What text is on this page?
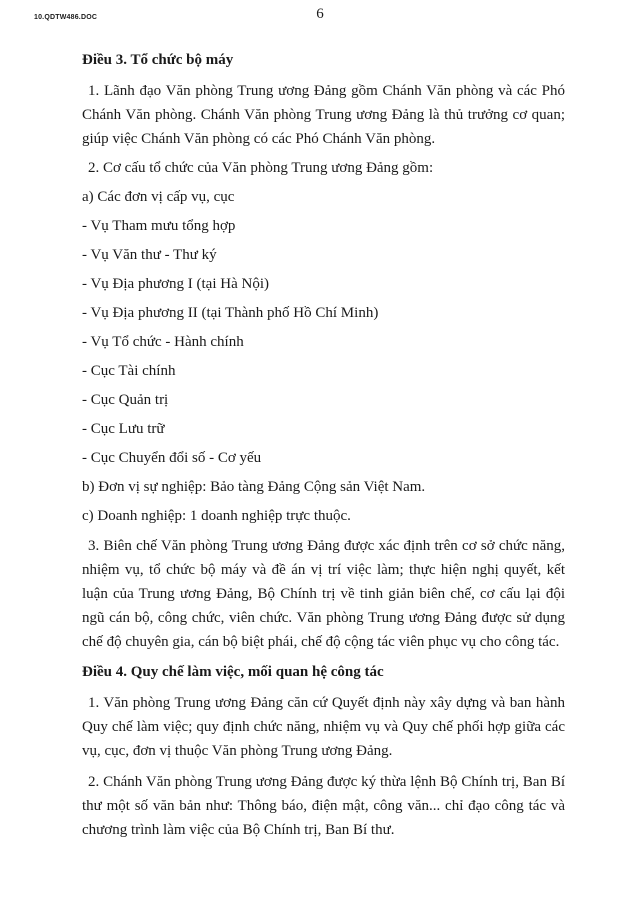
10.QDTW486.DOC	6

Điều 3. Tổ chức bộ máy

1. Lãnh đạo Văn phòng Trung ương Đảng gồm Chánh Văn phòng và các Phó Chánh Văn phòng. Chánh Văn phòng Trung ương Đảng là thủ trưởng cơ quan; giúp việc Chánh Văn phòng có các Phó Chánh Văn phòng.

2. Cơ cấu tổ chức của Văn phòng Trung ương Đảng gồm:

a) Các đơn vị cấp vụ, cục

- Vụ Tham mưu tổng hợp

- Vụ Văn thư - Thư ký

- Vụ Địa phương I (tại Hà Nội)

- Vụ Địa phương II (tại Thành phố Hồ Chí Minh)

- Vụ Tổ chức - Hành chính

- Cục Tài chính

- Cục Quản trị

- Cục Lưu trữ

- Cục Chuyển đổi số - Cơ yếu

b) Đơn vị sự nghiệp: Bảo tàng Đảng Cộng sản Việt Nam.

c) Doanh nghiệp: 1 doanh nghiệp trực thuộc.

3. Biên chế Văn phòng Trung ương Đảng được xác định trên cơ sở chức năng, nhiệm vụ, tổ chức bộ máy và đề án vị trí việc làm; thực hiện nghị quyết, kết luận của Trung ương Đảng, Bộ Chính trị về tinh giản biên chế, cơ cấu lại đội ngũ cán bộ, công chức, viên chức. Văn phòng Trung ương Đảng được sử dụng chế độ chuyên gia, cán bộ biệt phái, chế độ cộng tác viên phục vụ cho công tác.

Điều 4. Quy chế làm việc, mối quan hệ công tác

1. Văn phòng Trung ương Đảng căn cứ Quyết định này xây dựng và ban hành Quy chế làm việc; quy định chức năng, nhiệm vụ và Quy chế phối hợp giữa các vụ, cục, đơn vị thuộc Văn phòng Trung ương Đảng.

2. Chánh Văn phòng Trung ương Đảng được ký thừa lệnh Bộ Chính trị, Ban Bí thư một số văn bản như: Thông báo, điện mật, công văn... chỉ đạo công tác và chương trình làm việc của Bộ Chính trị, Ban Bí thư.
